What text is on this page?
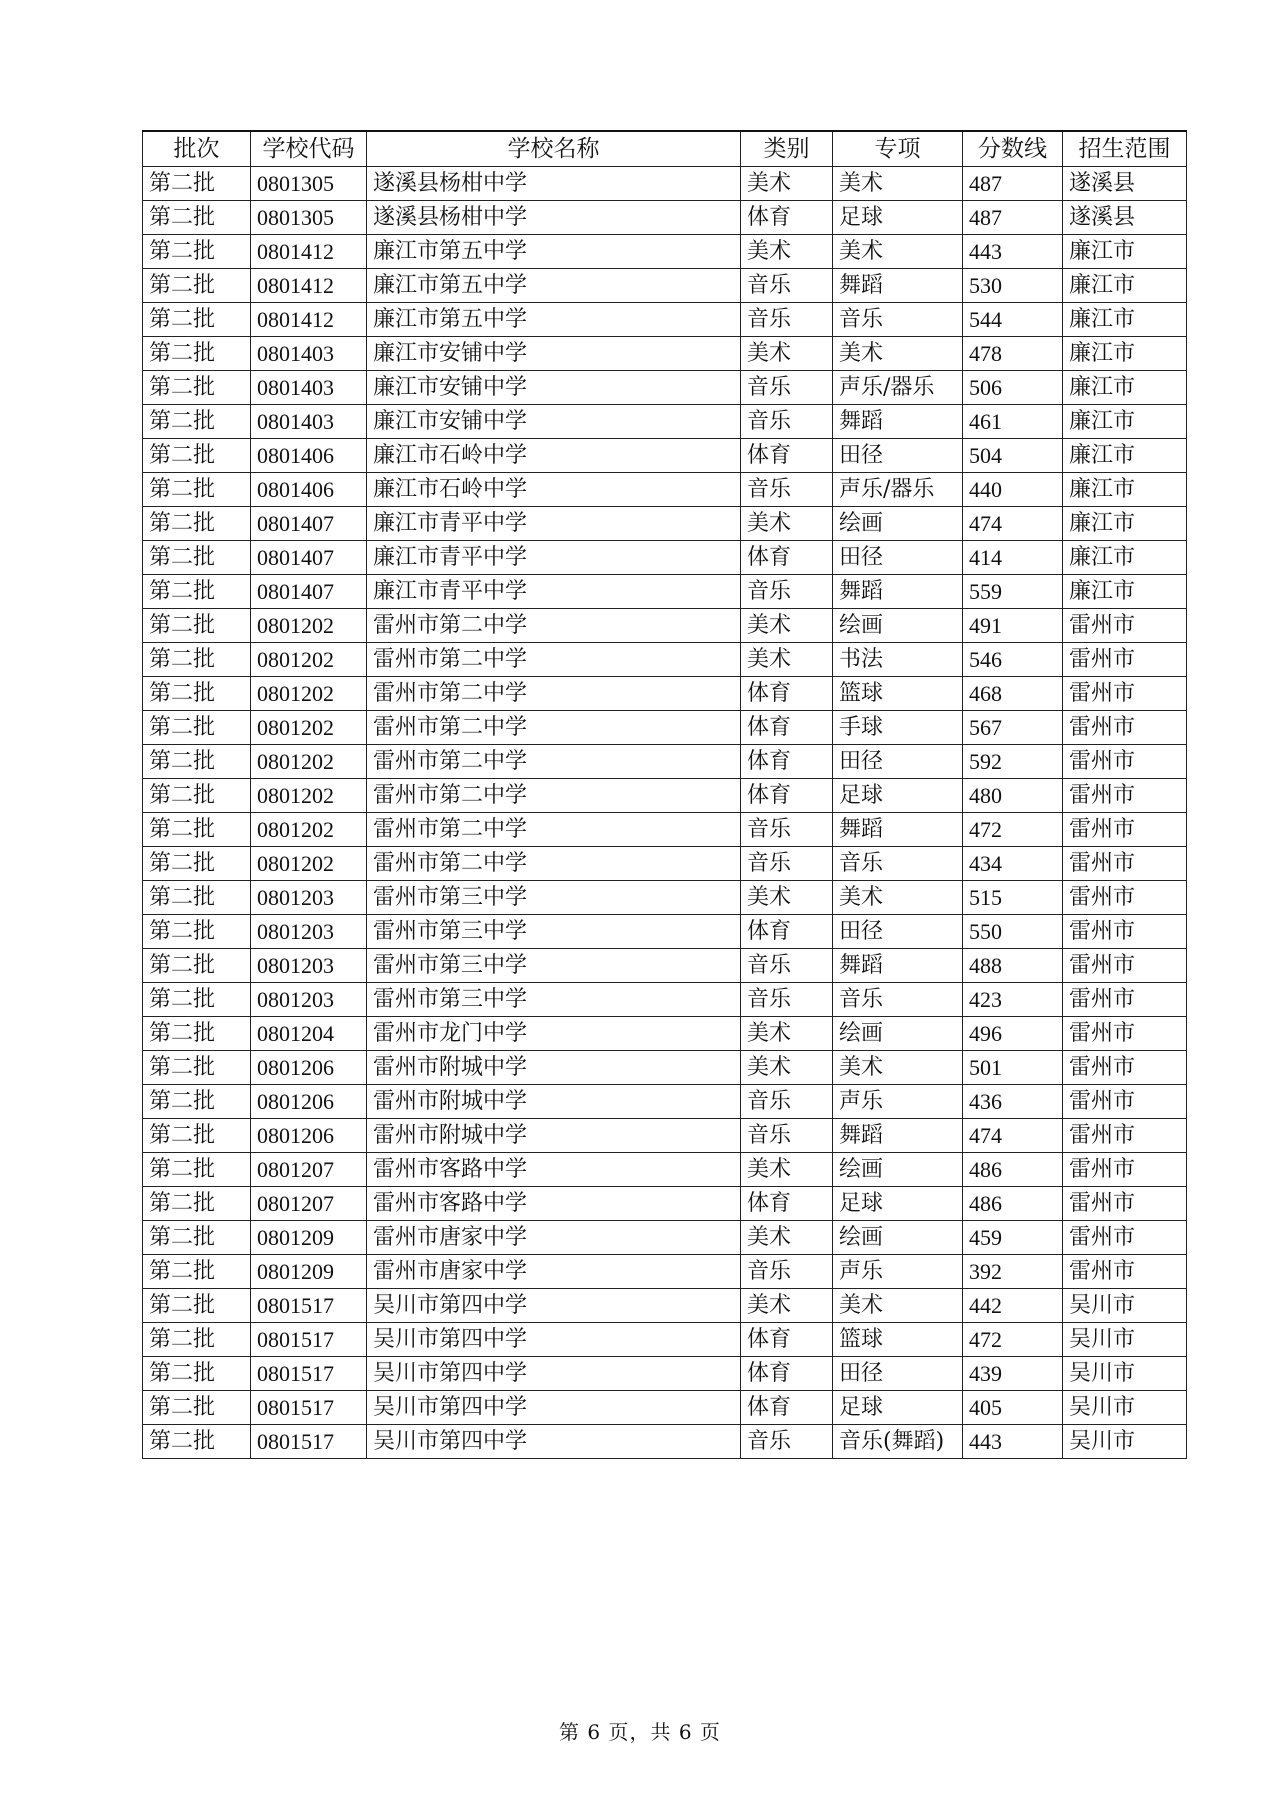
批次	学校代码	学校名称	类别	专项	分数线	招生范围
第二批	0801305	遂溪县杨柑中学	美术	美术	487	遂溪县
第二批	0801305	遂溪县杨柑中学	体育	足球	487	遂溪县
第二批	0801412	廉江市第五中学	美术	美术	443	廉江市
第二批	0801412	廉江市第五中学	音乐	舞蹈	530	廉江市
第二批	0801412	廉江市第五中学	音乐	音乐	544	廉江市
第二批	0801403	廉江市安铺中学	美术	美术	478	廉江市
第二批	0801403	廉江市安铺中学	音乐	声乐/器乐	506	廉江市
第二批	0801403	廉江市安铺中学	音乐	舞蹈	461	廉江市
第二批	0801406	廉江市石岭中学	体育	田径	504	廉江市
第二批	0801406	廉江市石岭中学	音乐	声乐/器乐	440	廉江市
第二批	0801407	廉江市青平中学	美术	绘画	474	廉江市
第二批	0801407	廉江市青平中学	体育	田径	414	廉江市
第二批	0801407	廉江市青平中学	音乐	舞蹈	559	廉江市
第二批	0801202	雷州市第二中学	美术	绘画	491	雷州市
第二批	0801202	雷州市第二中学	美术	书法	546	雷州市
第二批	0801202	雷州市第二中学	体育	篮球	468	雷州市
第二批	0801202	雷州市第二中学	体育	手球	567	雷州市
第二批	0801202	雷州市第二中学	体育	田径	592	雷州市
第二批	0801202	雷州市第二中学	体育	足球	480	雷州市
第二批	0801202	雷州市第二中学	音乐	舞蹈	472	雷州市
第二批	0801202	雷州市第二中学	音乐	音乐	434	雷州市
第二批	0801203	雷州市第三中学	美术	美术	515	雷州市
第二批	0801203	雷州市第三中学	体育	田径	550	雷州市
第二批	0801203	雷州市第三中学	音乐	舞蹈	488	雷州市
第二批	0801203	雷州市第三中学	音乐	音乐	423	雷州市
第二批	0801204	雷州市龙门中学	美术	绘画	496	雷州市
第二批	0801206	雷州市附城中学	美术	美术	501	雷州市
第二批	0801206	雷州市附城中学	音乐	声乐	436	雷州市
第二批	0801206	雷州市附城中学	音乐	舞蹈	474	雷州市
第二批	0801207	雷州市客路中学	美术	绘画	486	雷州市
第二批	0801207	雷州市客路中学	体育	足球	486	雷州市
第二批	0801209	雷州市唐家中学	美术	绘画	459	雷州市
第二批	0801209	雷州市唐家中学	音乐	声乐	392	雷州市
第二批	0801517	吴川市第四中学	美术	美术	442	吴川市
第二批	0801517	吴川市第四中学	体育	篮球	472	吴川市
第二批	0801517	吴川市第四中学	体育	田径	439	吴川市
第二批	0801517	吴川市第四中学	体育	足球	405	吴川市
第二批	0801517	吴川市第四中学	音乐	音乐(舞蹈)	443	吴川市
第 6 页，共 6 页
